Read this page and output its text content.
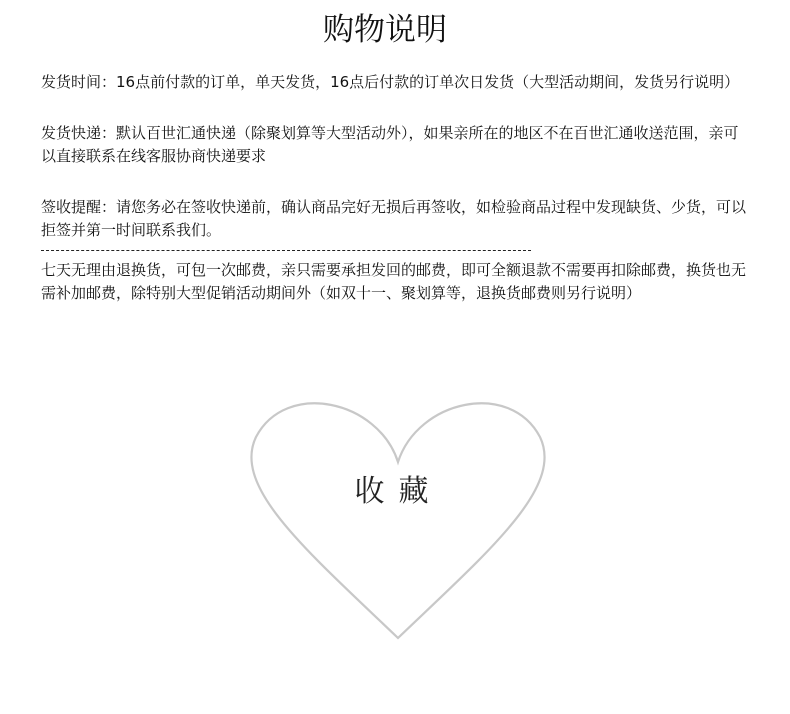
购物说明

发货时间：16点前付款的订单，单天发货，16点后付款的订单次日发货（大型活动期间，发货另行说明）

发货快递：默认百世汇通快递（除聚划算等大型活动外），如果亲所在的地区不在百世汇通收送范围，亲可以直接联系在线客服协商快递要求

签收提醒：请您务必在签收快递前，确认商品完好无损后再签收，如检验商品过程中发现缺货、少货，可以拒签并第一时间联系我们。

七天无理由退换货，可包一次邮费，亲只需要承担发回的邮费，即可全额退款不需要再扣除邮费，换货也无需补加邮费，除特别大型促销活动期间外（如双十一、聚划算等，退换货邮费则另行说明）

收藏
